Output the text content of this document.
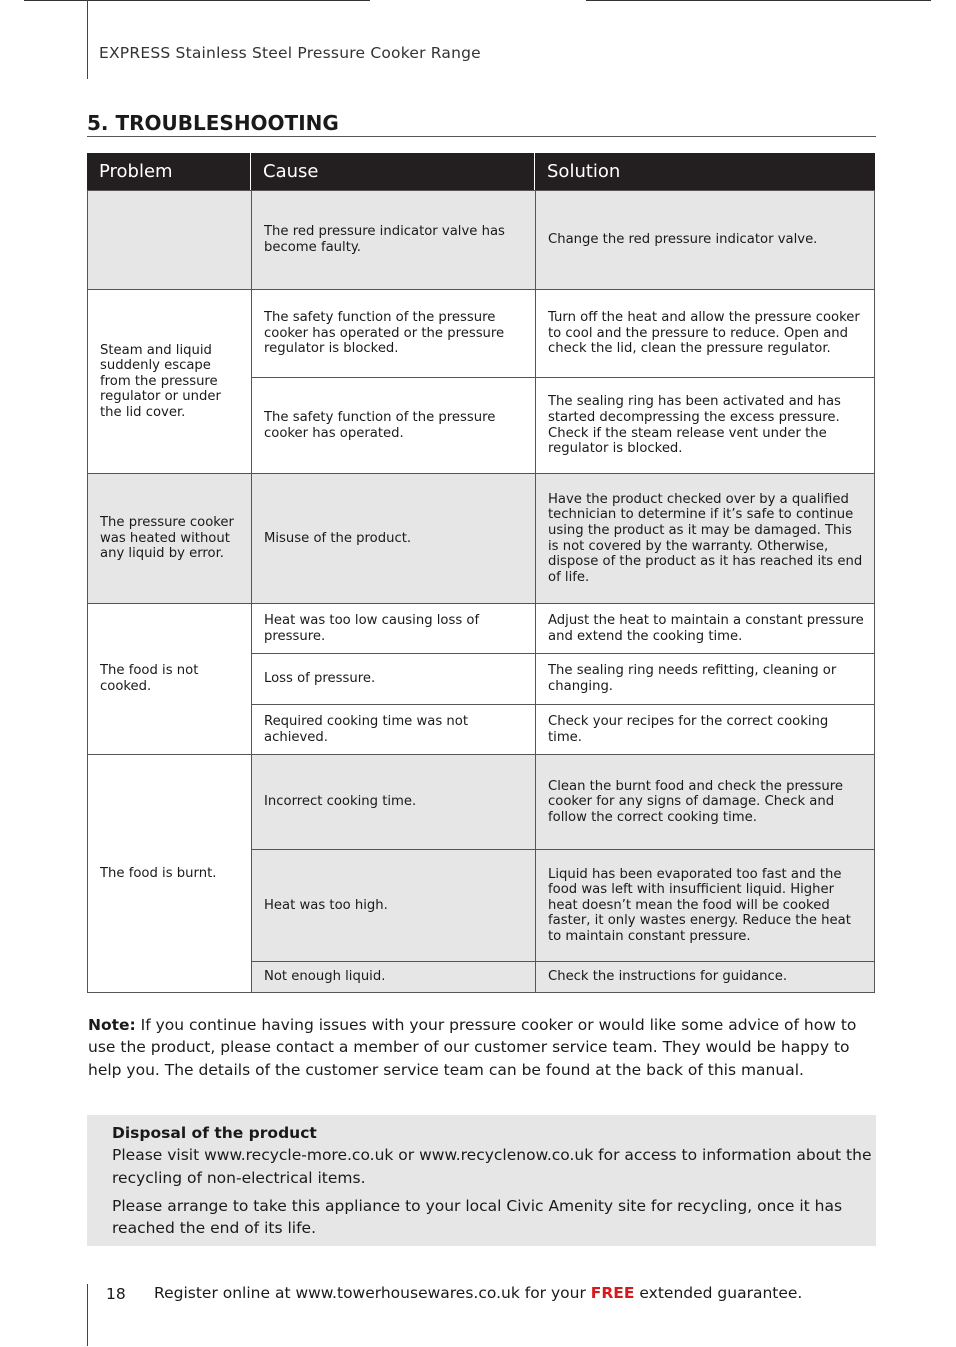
EXPRESS Stainless Steel Pressure Cooker Range
5. TROUBLESHOOTING
Problem	Cause	Solution
Steam and liquid suddenly escape from the pressure regulator or under the lid cover.
The pressure cooker was heated without any liquid by error.
The food is not cooked.
The food is burnt.
The red pressure indicator valve has become faulty.
The safety function of the pressure cooker has operated or the pressure regulator is blocked.
The safety function of the pressure cooker has operated.
Misuse of the product.
Heat was too low causing loss of pressure.
Loss of pressure.
Required cooking time was not achieved.
Incorrect cooking time.
Heat was too high.
Not enough liquid.
Change the red pressure indicator valve.
Turn off the heat and allow the pressure cooker to cool and the pressure to reduce. Open and check the lid, clean the pressure regulator.
The sealing ring has been activated and has started decompressing the excess pressure. Check if the steam release vent under the regulator is blocked.
Have the product checked over by a qualified technician to determine if it’s safe to continue using the product as it may be damaged. This is not covered by the warranty. Otherwise, dispose of the product as it has reached its end of life.
Adjust the heat to maintain a constant pressure and extend the cooking time.
The sealing ring needs refitting, cleaning or changing.
Check your recipes for the correct cooking time.
Clean the burnt food and check the pressure cooker for any signs of damage. Check and follow the correct cooking time.
Liquid has been evaporated too fast and the food was left with insufficient liquid. Higher heat doesn’t mean the food will be cooked faster, it only wastes energy. Reduce the heat to maintain constant pressure.
Check the instructions for guidance.
Note: If you continue having issues with your pressure cooker or would like some advice of how to use the product, please contact a member of our customer service team. They would be happy to help you. The details of the customer service team can be found at the back of this manual.

Disposal of the product

Please visit www.recycle-more.co.uk or www.recyclenow.co.uk for access to information about the recycling of non-electrical items.

Please arrange to take this appliance to your local Civic Amenity site for recycling, once it has reached the end of its life.

18 Register online at www.towerhousewares.co.uk for your FREE extended guarantee.
